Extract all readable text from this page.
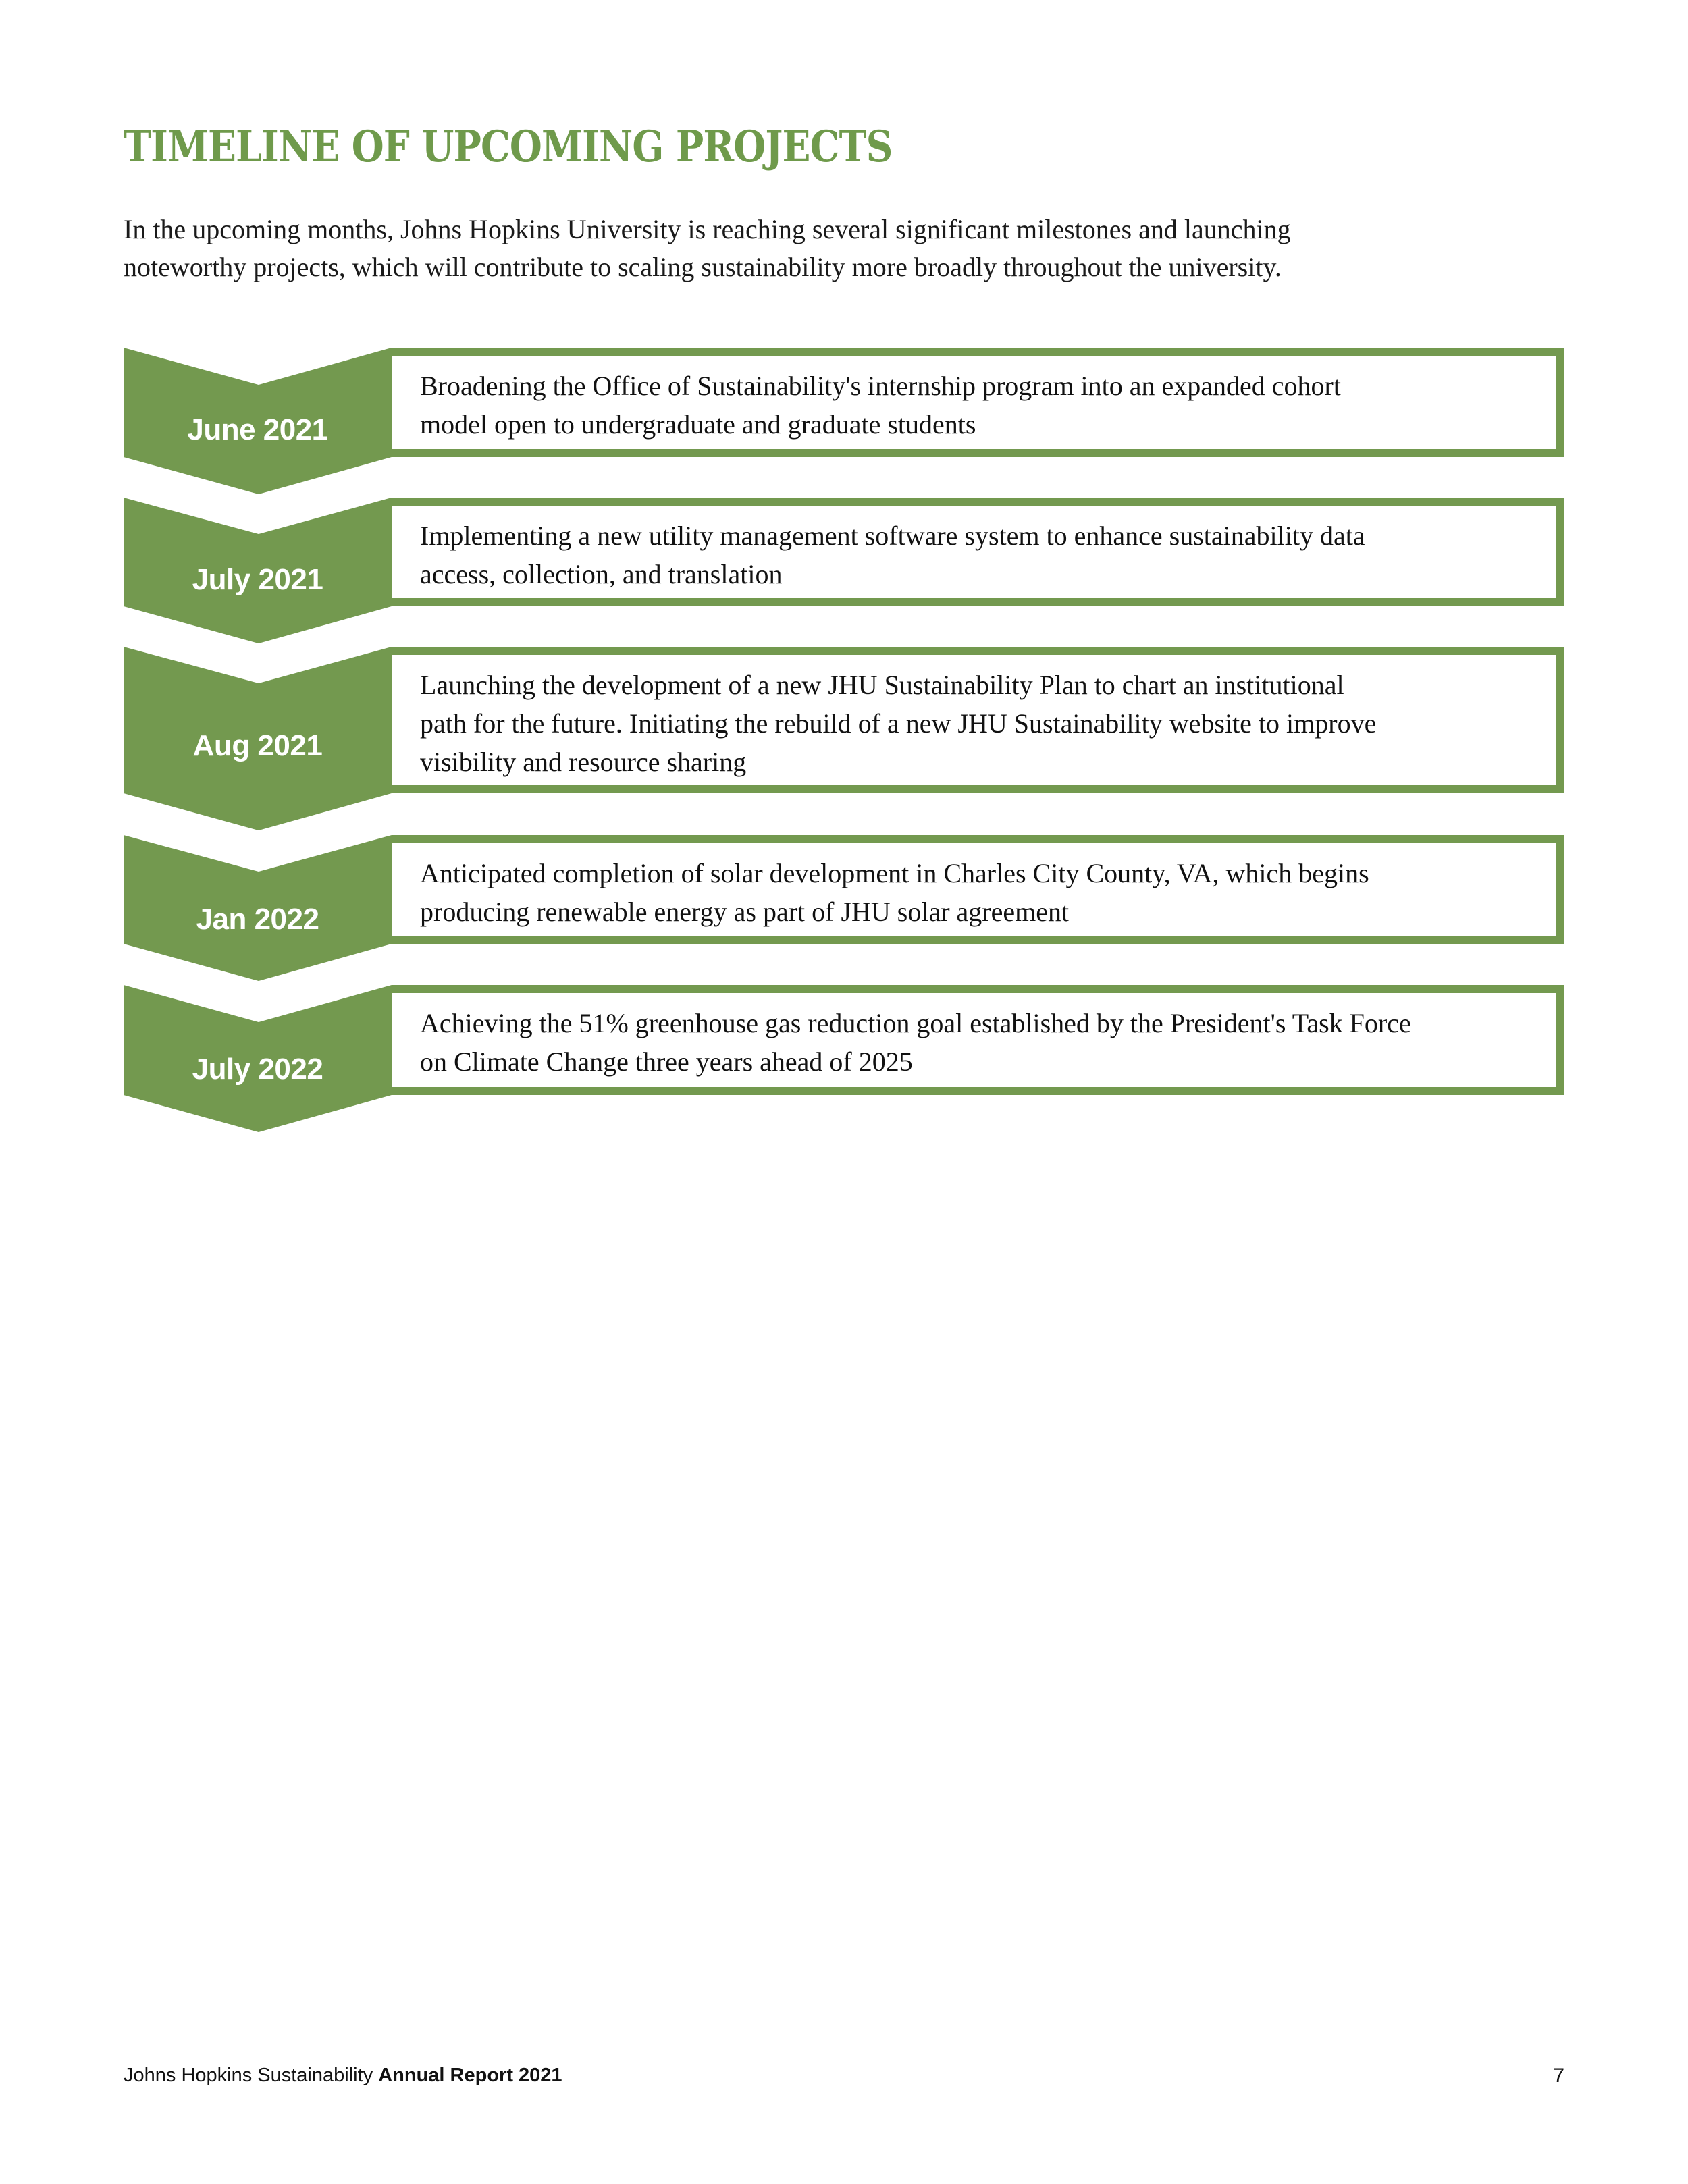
TIMELINE OF UPCOMING PROJECTS
In the upcoming months, Johns Hopkins University is reaching several significant milestones and launching
noteworthy projects, which will contribute to scaling sustainability more broadly throughout the university.
June 2021
Broadening the Office of Sustainability's internship program into an expanded cohort
model open to undergraduate and graduate students
July 2021
Implementing a new utility management software system to enhance sustainability data
access, collection, and translation
Aug 2021
Launching the development of a new JHU Sustainability Plan to chart an institutional
path for the future. Initiating the rebuild of a new JHU Sustainability website to improve
visibility and resource sharing
Jan 2022
Anticipated completion of solar development in Charles City County, VA, which begins
producing renewable energy as part of JHU solar agreement
July 2022
Achieving the 51% greenhouse gas reduction goal established by the President's Task Force
on Climate Change three years ahead of 2025
Johns Hopkins Sustainability Annual Report 2021	7
